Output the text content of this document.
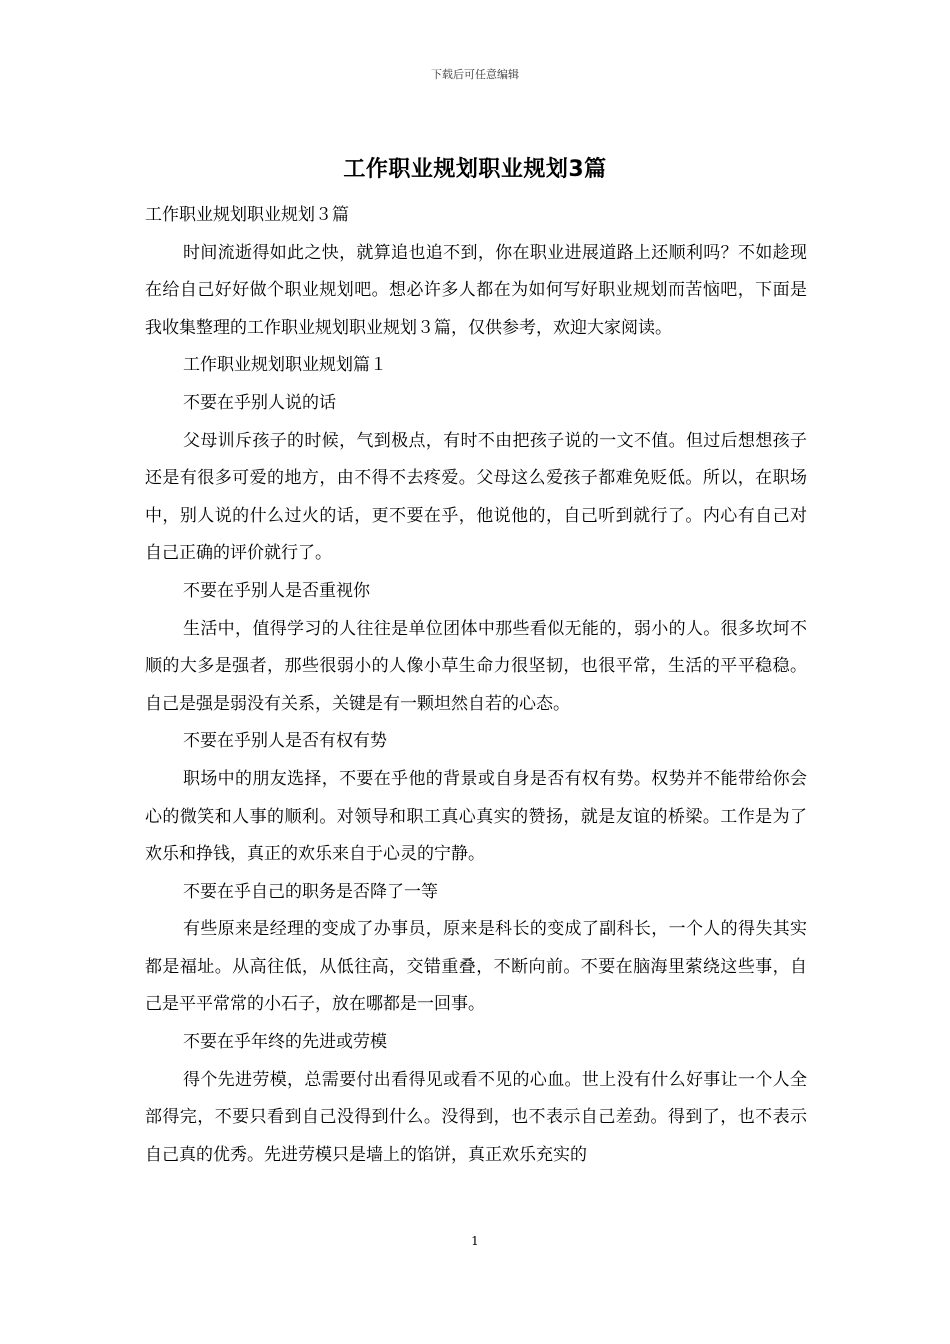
下载后可任意编辑
工作职业规划职业规划3篇

工作职业规划职业规划３篇

时间流逝得如此之快，就算追也追不到，你在职业进展道路上还顺利吗？不如趁现在给自己好好做个职业规划吧。想必许多人都在为如何写好职业规划而苦恼吧，下面是我收集整理的工作职业规划职业规划３篇，仅供参考，欢迎大家阅读。

工作职业规划职业规划篇１

不要在乎别人说的话

父母训斥孩子的时候，气到极点，有时不由把孩子说的一文不值。但过后想想孩子还是有很多可爱的地方，由不得不去疼爱。父母这么爱孩子都难免贬低。所以，在职场中，别人说的什么过火的话，更不要在乎，他说他的，自己听到就行了。内心有自己对自己正确的评价就行了。

不要在乎别人是否重视你

生活中，值得学习的人往往是单位团体中那些看似无能的，弱小的人。很多坎坷不顺的大多是强者，那些很弱小的人像小草生命力很坚韧，也很平常，生活的平平稳稳。自己是强是弱没有关系，关键是有一颗坦然自若的心态。

不要在乎别人是否有权有势

职场中的朋友选择，不要在乎他的背景或自身是否有权有势。权势并不能带给你会心的微笑和人事的顺利。对领导和职工真心真实的赞扬，就是友谊的桥梁。工作是为了欢乐和挣钱，真正的欢乐来自于心灵的宁静。

不要在乎自己的职务是否降了一等

有些原来是经理的变成了办事员，原来是科长的变成了副科长，一个人的得失其实都是福址。从高往低，从低往高，交错重叠，不断向前。不要在脑海里萦绕这些事，自己是平平常常的小石子，放在哪都是一回事。

不要在乎年终的先进或劳模

得个先进劳模，总需要付出看得见或看不见的心血。世上没有什么好事让一个人全部得完，不要只看到自己没得到什么。没得到，也不表示自己差劲。得到了，也不表示自己真的优秀。先进劳模只是墙上的馅饼，真正欢乐充实的

1
